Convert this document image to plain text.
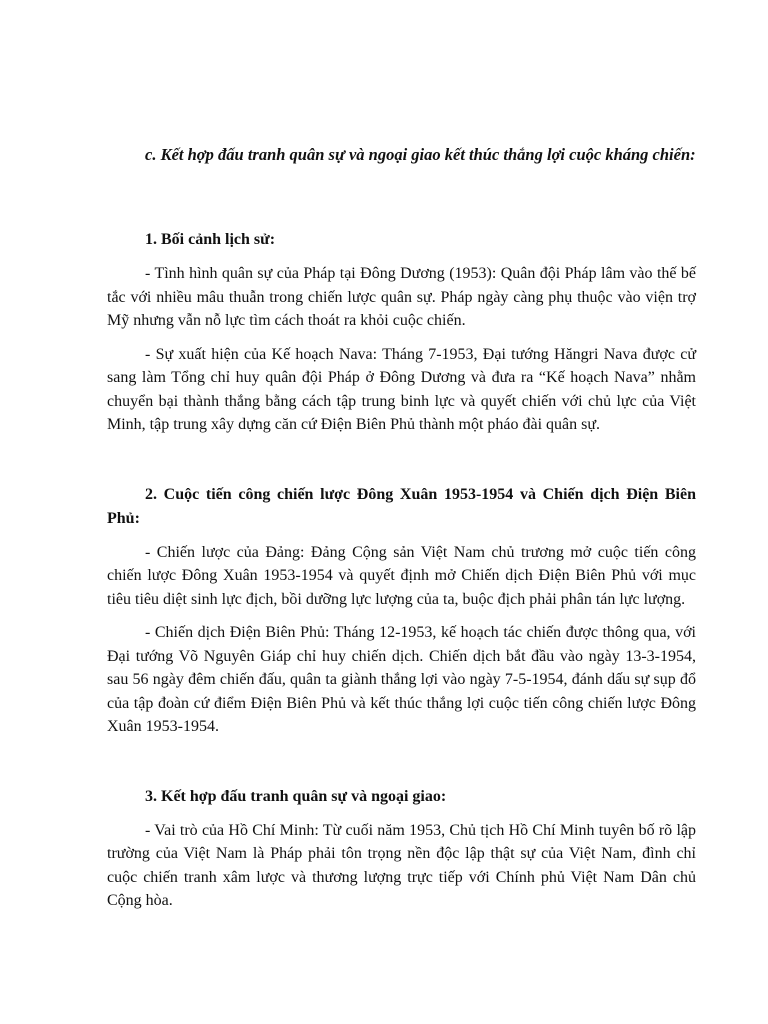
c. Kết hợp đấu tranh quân sự và ngoại giao kết thúc thắng lợi cuộc kháng chiến:

1. Bối cảnh lịch sử:

- Tình hình quân sự của Pháp tại Đông Dương (1953): Quân đội Pháp lâm vào thế bế tắc với nhiều mâu thuẫn trong chiến lược quân sự. Pháp ngày càng phụ thuộc vào viện trợ Mỹ nhưng vẫn nỗ lực tìm cách thoát ra khỏi cuộc chiến.

- Sự xuất hiện của Kế hoạch Nava: Tháng 7-1953, Đại tướng Hăngri Nava được cử sang làm Tổng chỉ huy quân đội Pháp ở Đông Dương và đưa ra “Kế hoạch Nava” nhằm chuyển bại thành thắng bằng cách tập trung binh lực và quyết chiến với chủ lực của Việt Minh, tập trung xây dựng căn cứ Điện Biên Phủ thành một pháo đài quân sự.

2. Cuộc tiến công chiến lược Đông Xuân 1953-1954 và Chiến dịch Điện Biên Phủ:

- Chiến lược của Đảng: Đảng Cộng sản Việt Nam chủ trương mở cuộc tiến công chiến lược Đông Xuân 1953-1954 và quyết định mở Chiến dịch Điện Biên Phủ với mục tiêu tiêu diệt sinh lực địch, bồi dưỡng lực lượng của ta, buộc địch phải phân tán lực lượng.

- Chiến dịch Điện Biên Phủ: Tháng 12-1953, kế hoạch tác chiến được thông qua, với Đại tướng Võ Nguyên Giáp chỉ huy chiến dịch. Chiến dịch bắt đầu vào ngày 13-3-1954, sau 56 ngày đêm chiến đấu, quân ta giành thắng lợi vào ngày 7-5-1954, đánh dấu sự sụp đổ của tập đoàn cứ điểm Điện Biên Phủ và kết thúc thắng lợi cuộc tiến công chiến lược Đông Xuân 1953-1954.

3. Kết hợp đấu tranh quân sự và ngoại giao:

- Vai trò của Hồ Chí Minh: Từ cuối năm 1953, Chủ tịch Hồ Chí Minh tuyên bố rõ lập trường của Việt Nam là Pháp phải tôn trọng nền độc lập thật sự của Việt Nam, đình chỉ cuộc chiến tranh xâm lược và thương lượng trực tiếp với Chính phủ Việt Nam Dân chủ Cộng hòa.
